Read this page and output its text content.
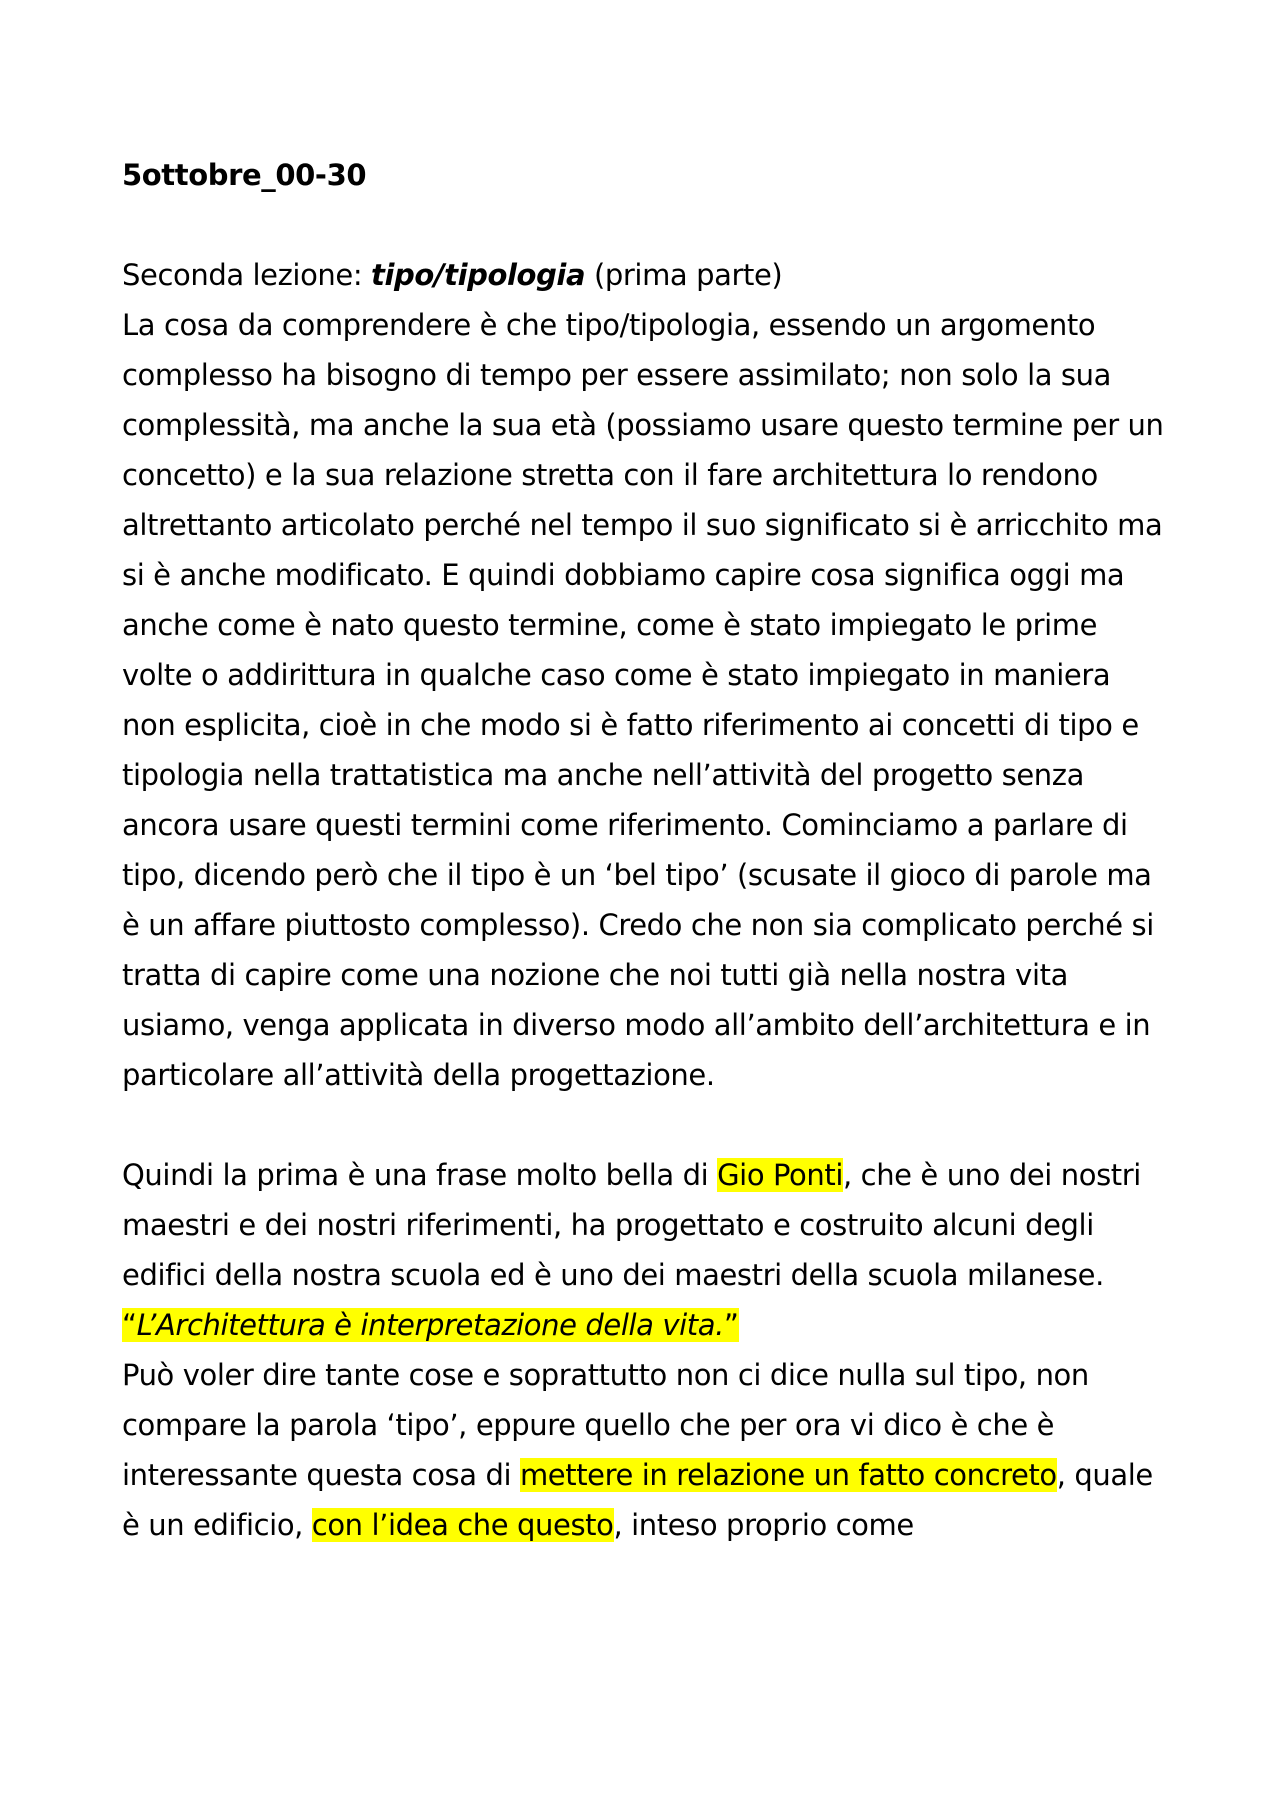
5ottobre_00-30

Seconda lezione: tipo/tipologia (prima parte)

La cosa da comprendere è che tipo/tipologia, essendo un argomento complesso ha bisogno di tempo per essere assimilato; non solo la sua complessità, ma anche la sua età (possiamo usare questo termine per un concetto) e la sua relazione stretta con il fare architettura lo rendono altrettanto articolato perché nel tempo il suo significato si è arricchito ma si è anche modificato. E quindi dobbiamo capire cosa significa oggi ma anche come è nato questo termine, come è stato impiegato le prime volte o addirittura in qualche caso come è stato impiegato in maniera non esplicita, cioè in che modo si è fatto riferimento ai concetti di tipo e tipologia nella trattatistica ma anche nell’attività del progetto senza ancora usare questi termini come riferimento. Cominciamo a parlare di tipo, dicendo però che il tipo è un ‘bel tipo’ (scusate il gioco di parole ma è un affare piuttosto complesso). Credo che non sia complicato perché si tratta di capire come una nozione che noi tutti già nella nostra vita usiamo, venga applicata in diverso modo all’ambito dell’architettura e in particolare all’attività della progettazione.

Quindi la prima è una frase molto bella di Gio Ponti, che è uno dei nostri maestri e dei nostri riferimenti, ha progettato e costruito alcuni degli edifici della nostra scuola ed è uno dei maestri della scuola milanese.

“L’Architettura è interpretazione della vita.”

Può voler dire tante cose e soprattutto non ci dice nulla sul tipo, non compare la parola ‘tipo’, eppure quello che per ora vi dico è che è interessante questa cosa di mettere in relazione un fatto concreto, quale è un edificio, con l’idea che questo, inteso proprio come
